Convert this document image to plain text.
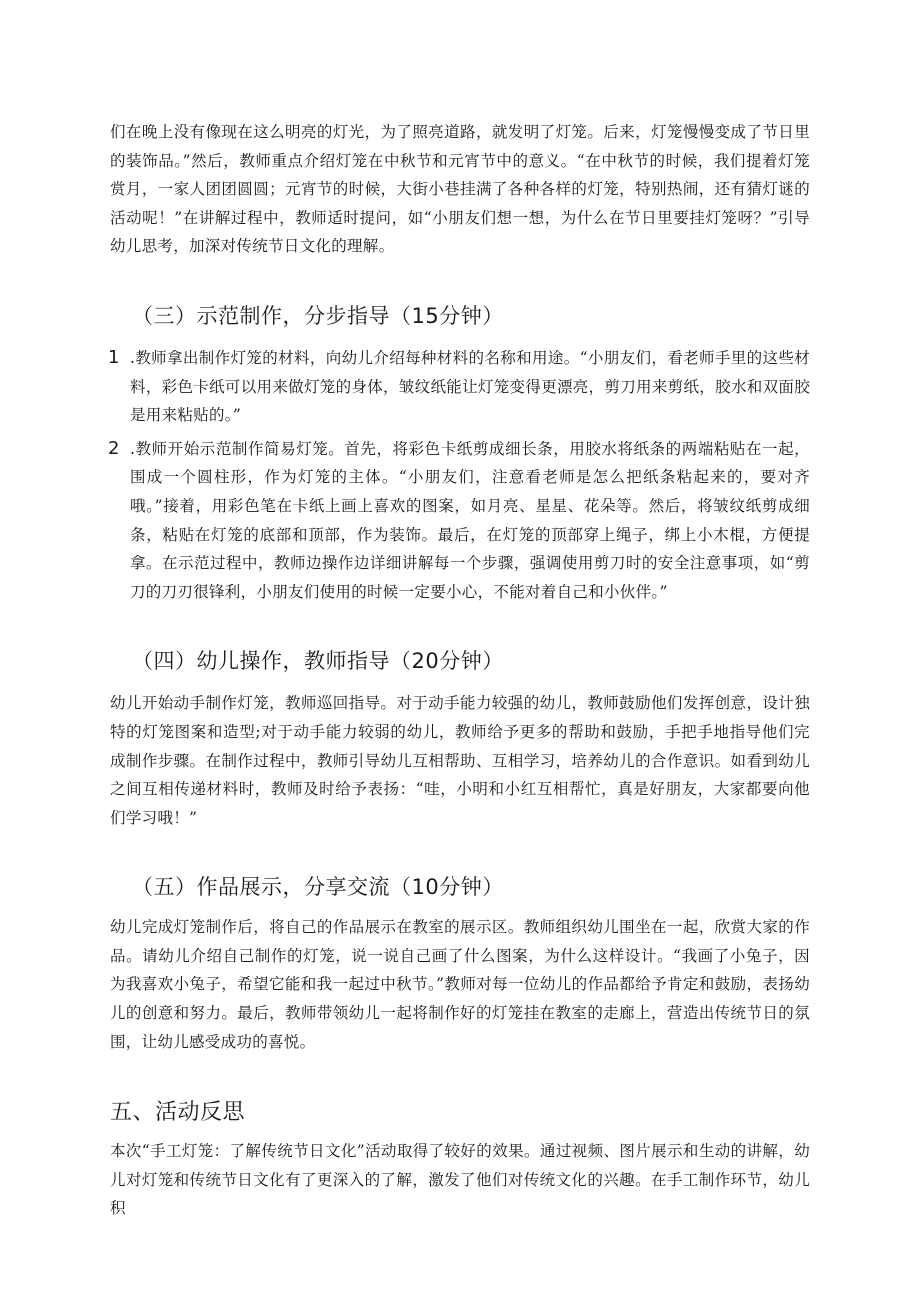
们在晚上没有像现在这么明亮的灯光，为了照亮道路，就发明了灯笼。后来，灯笼慢慢变成了节日里的装饰品。”然后，教师重点介绍灯笼在中秋节和元宵节中的意义。“在中秋节的时候，我们提着灯笼赏月，一家人团团圆圆；元宵节的时候，大街小巷挂满了各种各样的灯笼，特别热闹，还有猜灯谜的活动呢！”在讲解过程中，教师适时提问，如“小朋友们想一想，为什么在节日里要挂灯笼呀？”引导幼儿思考，加深对传统节日文化的理解。

（三）示范制作，分步指导（15分钟）
1 .教师拿出制作灯笼的材料，向幼儿介绍每种材料的名称和用途。“小朋友们，看老师手里的这些材料，彩色卡纸可以用来做灯笼的身体，皱纹纸能让灯笼变得更漂亮，剪刀用来剪纸，胶水和双面胶是用来粘贴的。”

2 .教师开始示范制作简易灯笼。首先，将彩色卡纸剪成细长条，用胶水将纸条的两端粘贴在一起，围成一个圆柱形，作为灯笼的主体。“小朋友们，注意看老师是怎么把纸条粘起来的，要对齐哦。”接着，用彩色笔在卡纸上画上喜欢的图案，如月亮、星星、花朵等。然后，将皱纹纸剪成细条，粘贴在灯笼的底部和顶部，作为装饰。最后，在灯笼的顶部穿上绳子，绑上小木棍，方便提拿。在示范过程中，教师边操作边详细讲解每一个步骤，强调使用剪刀时的安全注意事项，如“剪刀的刀刃很锋利，小朋友们使用的时候一定要小心，不能对着自己和小伙伴。”

（四）幼儿操作，教师指导（20分钟）

幼儿开始动手制作灯笼，教师巡回指导。对于动手能力较强的幼儿，教师鼓励他们发挥创意，设计独特的灯笼图案和造型;对于动手能力较弱的幼儿，教师给予更多的帮助和鼓励，手把手地指导他们完成制作步骤。在制作过程中，教师引导幼儿互相帮助、互相学习，培养幼儿的合作意识。如看到幼儿之间互相传递材料时，教师及时给予表扬：“哇，小明和小红互相帮忙，真是好朋友，大家都要向他们学习哦！”

（五）作品展示，分享交流（10分钟）

幼儿完成灯笼制作后，将自己的作品展示在教室的展示区。教师组织幼儿围坐在一起，欣赏大家的作品。请幼儿介绍自己制作的灯笼，说一说自己画了什么图案，为什么这样设计。“我画了小兔子，因为我喜欢小兔子，希望它能和我一起过中秋节。”教师对每一位幼儿的作品都给予肯定和鼓励，表扬幼儿的创意和努力。最后，教师带领幼儿一起将制作好的灯笼挂在教室的走廊上，营造出传统节日的氛围，让幼儿感受成功的喜悦。

五、活动反思

本次“手工灯笼：了解传统节日文化”活动取得了较好的效果。通过视频、图片展示和生动的讲解，幼儿对灯笼和传统节日文化有了更深入的了解，激发了他们对传统文化的兴趣。在手工制作环节，幼儿积
